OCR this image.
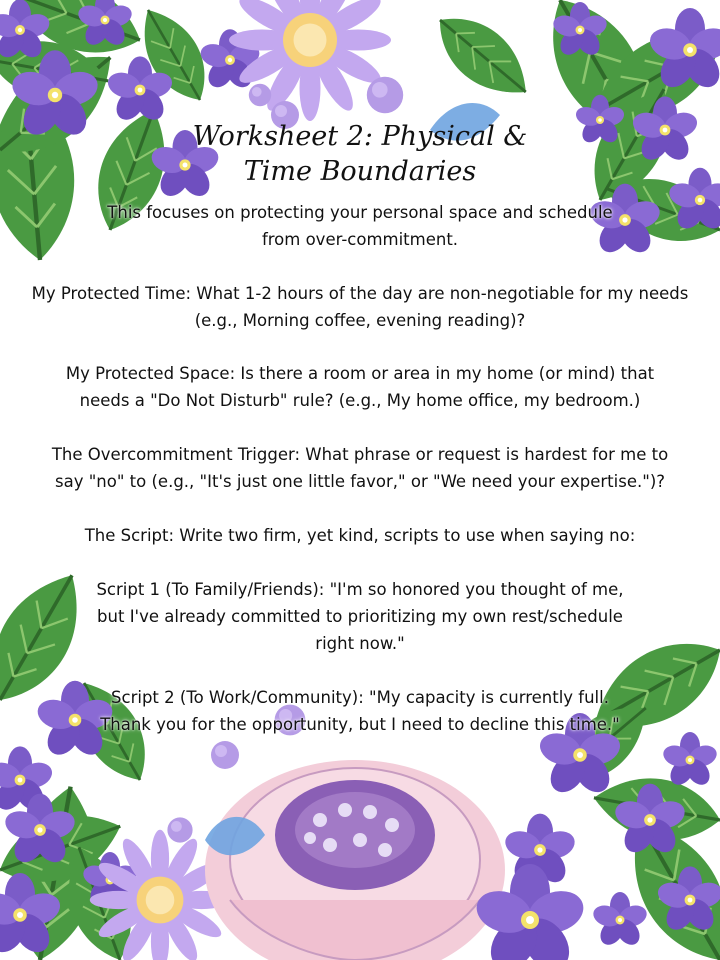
Worksheet 2: Physical &
Time Boundaries
This focuses on protecting your personal space and schedule
from over-commitment.
My Protected Time: What 1-2 hours of the day are non-negotiable for my needs
(e.g., Morning coffee, evening reading)?
My Protected Space: Is there a room or area in my home (or mind) that
needs a "Do Not Disturb" rule? (e.g., My home office, my bedroom.)
The Overcommitment Trigger: What phrase or request is hardest for me to
say "no" to (e.g., "It's just one little favor," or "We need your expertise.")?
The Script: Write two firm, yet kind, scripts to use when saying no:
Script 1 (To Family/Friends): "I'm so honored you thought of me,
but I've already committed to prioritizing my own rest/schedule
right now."
Script 2 (To Work/Community): "My capacity is currently full.
Thank you for the opportunity, but I need to decline this time."
